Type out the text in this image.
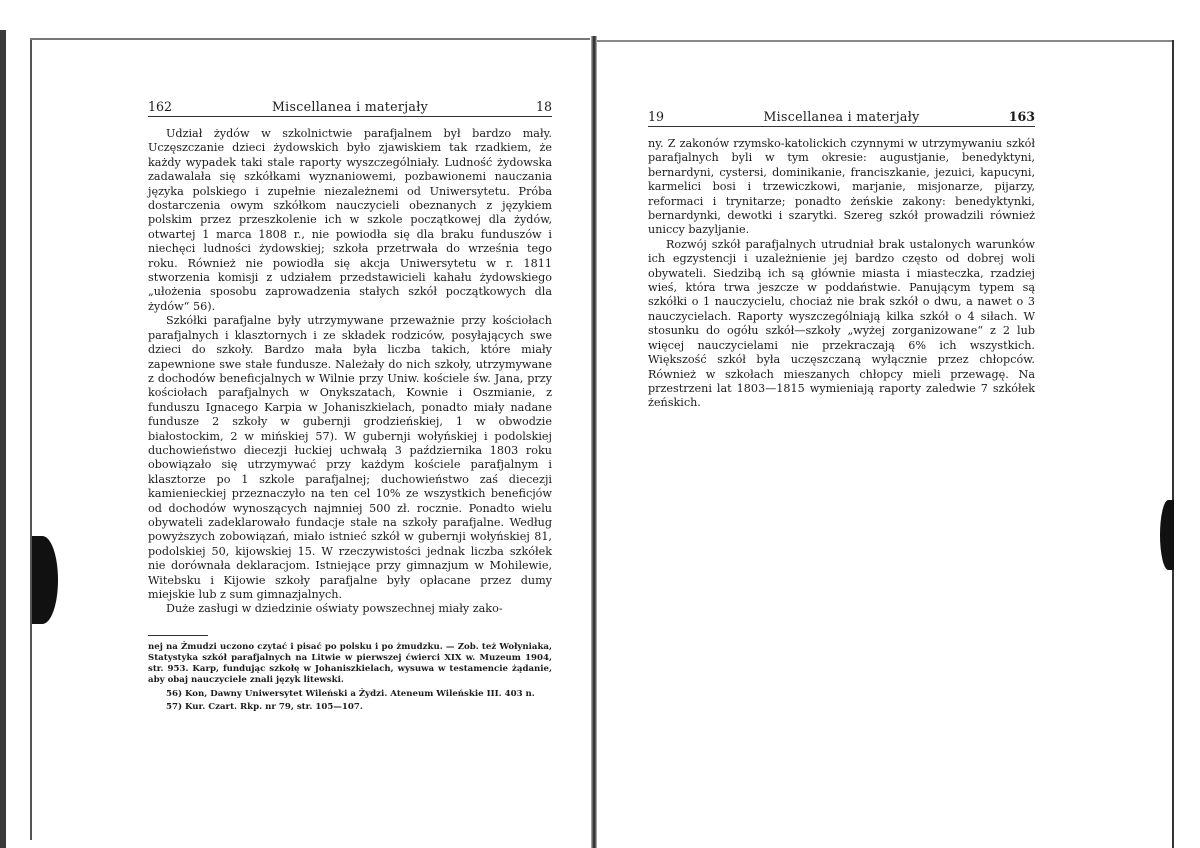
162	Miscellanea i materjały	18

Udział żydów w szkolnictwie parafjalnem był bardzo mały. Uczęszczanie dzieci żydowskich było zjawiskiem tak rzadkiem, że każdy wypadek taki stale raporty wyszczególniały. Ludność żydowska zadawalała się szkółkami wyznaniowemi, pozbawionemi nauczania języka polskiego i zupełnie niezależnemi od Uniwersytetu. Próba dostarczenia owym szkółkom nauczycieli obeznanych z językiem polskim przez przeszkolenie ich w szkole początkowej dla żydów, otwartej 1 marca 1808 r., nie powiodła się dla braku funduszów i niechęci ludności żydowskiej; szkoła przetrwała do września tego roku. Również nie powiodła się akcja Uniwersytetu w r. 1811 stworzenia komisji z udziałem przedstawicieli kahału żydowskiego „ułożenia sposobu zaprowadzenia stałych szkół początkowych dla żydów“ 56).

Szkółki parafjalne były utrzymywane przeważnie przy kościołach parafjalnych i klasztornych i ze składek rodziców, posyłających swe dzieci do szkoły. Bardzo mała była liczba takich, które miały zapewnione swe stałe fundusze. Należały do nich szkoły, utrzymywane z dochodów beneficjalnych w Wilnie przy Uniw. kościele św. Jana, przy kościołach parafjalnych w Onykszatach, Kownie i Oszmianie, z funduszu Ignacego Karpia w Johaniszkielach, ponadto miały nadane fundusze 2 szkoły w gubernji grodzieńskiej, 1 w obwodzie białostockim, 2 w mińskiej 57). W gubernji wołyńskiej i podolskiej duchowieństwo diecezji łuckiej uchwałą 3 października 1803 roku obowiązało się utrzymywać przy każdym kościele parafjalnym i klasztorze po 1 szkole parafjalnej; duchowieństwo zaś diecezji kamienieckiej przeznaczyło na ten cel 10% ze wszystkich beneficjów od dochodów wynoszących najmniej 500 zł. rocznie. Ponadto wielu obywateli zadeklarowało fundacje stałe na szkoły parafjalne. Według powyższych zobowiązań, miało istnieć szkół w gubernji wołyńskiej 81, podolskiej 50, kijowskiej 15. W rzeczywistości jednak liczba szkółek nie dorównała deklaracjom. Istniejące przy gimnazjum w Mohilewie, Witebsku i Kijowie szkoły parafjalne były opłacane przez dumy miejskie lub z sum gimnazjalnych.

Duże zasługi w dziedzinie oświaty powszechnej miały zako-

nej na Żmudzi uczono czytać i pisać po polsku i po żmudzku. — Zob. też Wołyniaka, Statystyka szkół parafjalnych na Litwie w pierwszej ćwierci XIX w. Muzeum 1904, str. 953. Karp, fundując szkołę w Johaniszkielach, wysuwa w testamencie żądanie, aby obaj nauczyciele znali język litewski.

56) Kon, Dawny Uniwersytet Wileński a Żydzi. Ateneum Wileńskie III. 403 n.

57) Kur. Czart. Rkp. nr 79, str. 105—107.

19	Miscellanea i materjały	163

ny. Z zakonów rzymsko-katolickich czynnymi w utrzymywaniu szkół parafjalnych byli w tym okresie: augustjanie, benedyktyni, bernardyni, cystersi, dominikanie, franciszkanie, jezuici, kapucyni, karmelici bosi i trzewiczkowi, marjanie, misjonarze, pijarzy, reformaci i trynitarze; ponadto żeńskie zakony: benedyktynki, bernardynki, dewotki i szarytki. Szereg szkół prowadzili również uniccy bazyljanie.

Rozwój szkół parafjalnych utrudniał brak ustalonych warunków ich egzystencji i uzależnienie jej bardzo często od dobrej woli obywateli. Siedzibą ich są głównie miasta i miasteczka, rzadziej wieś, która trwa jeszcze w poddaństwie. Panującym typem są szkółki o 1 nauczycielu, chociaż nie brak szkół o dwu, a nawet o 3 nauczycielach. Raporty wyszczególniają kilka szkół o 4 siłach. W stosunku do ogółu szkół—szkoły „wyżej zorganizowane“ z 2 lub więcej nauczycielami nie przekraczają 6% ich wszystkich. Większość szkół była uczęszczaną wyłącznie przez chłopców. Również w szkołach mieszanych chłopcy mieli przewagę. Na przestrzeni lat 1803—1815 wymieniają raporty zaledwie 7 szkółek żeńskich.
